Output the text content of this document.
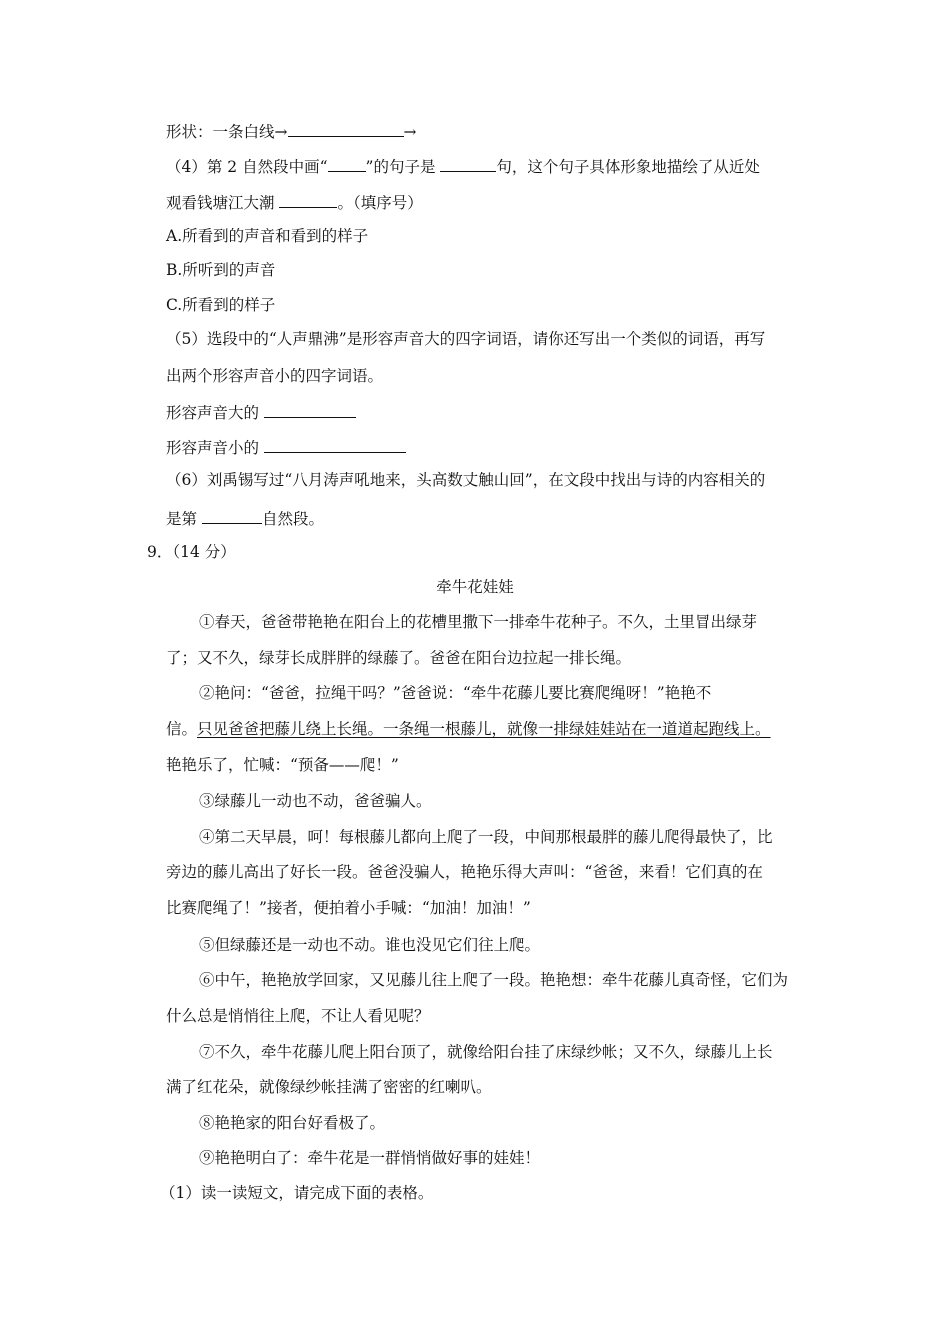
形状：一条白线→	→
（4）第 2 自然段中画“ ”的句子是	句，这个句子具体形象地描绘了从近处
观看钱塘江大潮	。（填序号）
A.所看到的声音和看到的样子
B.所听到的声音
C.所看到的样子
（5）选段中的“人声鼎沸”是形容声音大的四字词语，请你还写出一个类似的词语，再写
出两个形容声音小的四字词语。
形容声音大的
形容声音小的
（6）刘禹锡写过“八月涛声吼地来，头高数丈触山回”，在文段中找出与诗的内容相关的
是第	自然段。
9．（14 分）
牵牛花娃娃
①春天，爸爸带艳艳在阳台上的花槽里撒下一排牵牛花种子。不久，土里冒出绿芽
了；又不久，绿芽长成胖胖的绿藤了。爸爸在阳台边拉起一排长绳。
②艳问：“爸爸，拉绳干吗？”爸爸说：“牵牛花藤儿要比赛爬绳呀！”艳艳不
信。只见爸爸把藤儿绕上长绳。一条绳一根藤儿，就像一排绿娃娃站在一道道起跑线上。
艳艳乐了，忙喊：“预备——爬！”
③绿藤儿一动也不动，爸爸骗人。
④第二天早晨，呵！每根藤儿都向上爬了一段，中间那根最胖的藤儿爬得最快了，比
旁边的藤儿高出了好长一段。爸爸没骗人，艳艳乐得大声叫：“爸爸，来看！它们真的在
比赛爬绳了！”接者，便拍着小手喊：“加油！加油！”
⑤但绿藤还是一动也不动。谁也没见它们往上爬。
⑥中午，艳艳放学回家，又见藤儿往上爬了一段。艳艳想：牵牛花藤儿真奇怪，它们为
什么总是悄悄往上爬，不让人看见呢？
⑦不久，牵牛花藤儿爬上阳台顶了，就像给阳台挂了床绿纱帐；又不久，绿藤儿上长
满了红花朵，就像绿纱帐挂满了密密的红喇叭。
⑧艳艳家的阳台好看极了。
⑨艳艳明白了：牵牛花是一群悄悄做好事的娃娃！
（1）读一读短文，请完成下面的表格。
